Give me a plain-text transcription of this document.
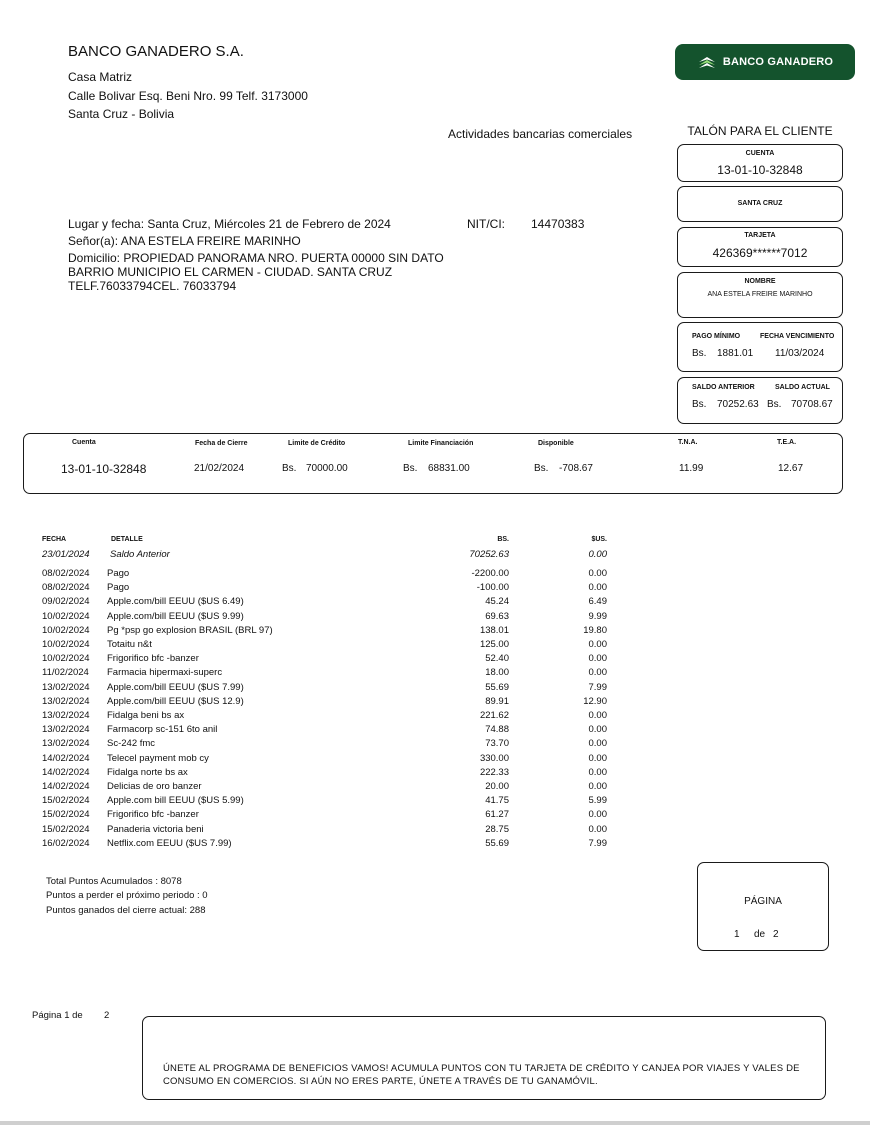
BANCO GANADERO S.A.
Casa Matriz
Calle Bolivar Esq. Beni Nro. 99 Telf. 3173000
Santa Cruz - Bolivia
Actividades bancarias comerciales
BANCO GANADERO
TALÓN PARA EL CLIENTE
CUENTA
13-01-10-32848
SANTA CRUZ
TARJETA
426369******7012
NOMBRE
ANA ESTELA FREIRE MARINHO
PAGO MÍNIMO	FECHA VENCIMIENTO
Bs. 1881.01 11/03/2024
SALDO ANTERIOR	SALDO ACTUAL
Bs. 70252.63 Bs. 70708.67
Lugar y fecha: Santa Cruz, Miércoles 21 de Febrero de 2024	NIT/CI: 14470383
Señor(a): ANA ESTELA FREIRE MARINHO
Domicilio: PROPIEDAD PANORAMA NRO. PUERTA 00000 SIN DATO
BARRIO MUNICIPIO EL CARMEN - CIUDAD. SANTA CRUZ
TELF.76033794CEL. 76033794
Cuenta	Fecha de Cierre	Limite de Crédito	Limite Financiación	Disponible	T.N.A.	T.E.A.
13-01-10-32848	21/02/2024	Bs. 70000.00	Bs. 68831.00	Bs. -708.67	11.99	12.67
FECHA	DETALLE	BS.	$US.
23/01/2024 Saldo Anterior	70252.63	0.00
08/02/2024 Pago	-2200.00	0.00
08/02/2024 Pago	-100.00	0.00
09/02/2024 Apple.com/bill EEUU ($US 6.49)	45.24	6.49
10/02/2024 Apple.com/bill EEUU ($US 9.99)	69.63	9.99
10/02/2024 Pg *psp go explosion BRASIL (BRL 97)	138.01	19.80
10/02/2024 Totaitu n&t	125.00	0.00
10/02/2024 Frigorifico bfc -banzer	52.40	0.00
11/02/2024 Farmacia hipermaxi-superc	18.00	0.00
13/02/2024 Apple.com/bill EEUU ($US 7.99)	55.69	7.99
13/02/2024 Apple.com/bill EEUU ($US 12.9)	89.91	12.90
13/02/2024 Fidalga beni bs ax	221.62	0.00
13/02/2024 Farmacorp sc-151 6to anil	74.88	0.00
13/02/2024 Sc-242 fmc	73.70	0.00
14/02/2024 Telecel payment mob cy	330.00	0.00
14/02/2024 Fidalga norte bs ax	222.33	0.00
14/02/2024 Delicias de oro banzer	20.00	0.00
15/02/2024 Apple.com bill EEUU ($US 5.99)	41.75	5.99
15/02/2024 Frigorifico bfc -banzer	61.27	0.00
15/02/2024 Panaderia victoria beni	28.75	0.00
16/02/2024 Netflix.com EEUU ($US 7.99)	55.69	7.99
Total Puntos Acumulados : 8078
Puntos a perder el próximo periodo : 0
Puntos ganados del cierre actual: 288
PÁGINA
1 de 2
Página 1 de 2
ÚNETE AL PROGRAMA DE BENEFICIOS VAMOS! ACUMULA PUNTOS CON TU TARJETA DE CRÉDITO Y CANJEA POR VIAJES Y VALES DE CONSUMO EN COMERCIOS. SI AÚN NO ERES PARTE, ÚNETE A TRAVÉS DE TU GANAMÓVIL.
